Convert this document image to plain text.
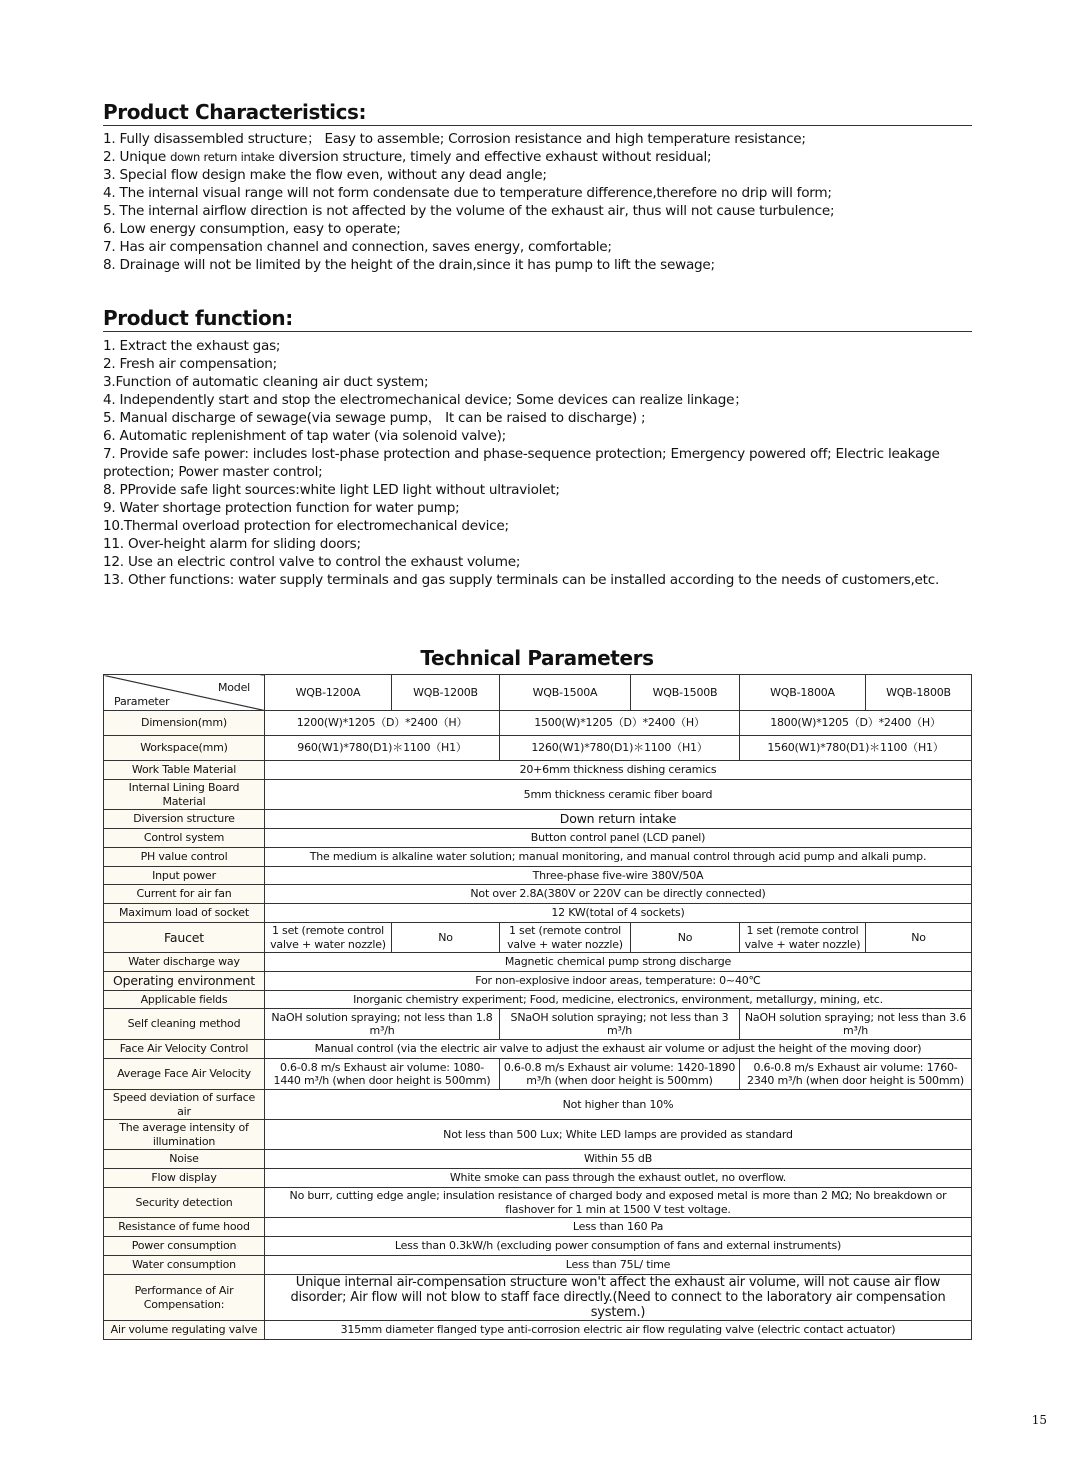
Product Characteristics:
1. Fully disassembled structure； Easy to assemble; Corrosion resistance and high temperature resistance;
2. Unique down return intake diversion structure, timely and effective exhaust without residual;
3. Special flow design make the flow even, without any dead angle;
4. The internal visual range will not form condensate due to temperature difference,therefore no drip will form;
5. The internal airflow direction is not affected by the volume of the exhaust air, thus will not cause turbulence;
6. Low energy consumption, easy to operate;
7. Has air compensation channel and connection, saves energy, comfortable;
8. Drainage will not be limited by the height of the drain,since it has pump to lift the sewage;
Product function:
1. Extract the exhaust gas;
2. Fresh air compensation;
3.Function of automatic cleaning air duct system;
4. Independently start and stop the electromechanical device; Some devices can realize linkage；
5. Manual discharge of sewage(via sewage pump， It can be raised to discharge) ;
6. Automatic replenishment of tap water (via solenoid valve);
7. Provide safe power: includes lost-phase protection and phase-sequence protection; Emergency powered off; Electric leakage protection; Power master control;
8. PProvide safe light sources:white light LED light without ultraviolet;
9. Water shortage protection function for water pump;
10.Thermal overload protection for electromechanical device;
11. Over-height alarm for sliding doors;
12. Use an electric control valve to control the exhaust volume;
13. Other functions: water supply terminals and gas supply terminals can be installed according to the needs of customers,etc.
Technical Parameters
Model
Parameter	WQB-1200A	WQB-1200B	WQB-1500A	WQB-1500B	WQB-1800A	WQB-1800B
Dimension(mm)	1200(W)*1205（D）*2400（H）		1500(W)*1205（D）*2400（H）		1800(W)*1205（D）*2400（H）	
Workspace(mm)	960(W1)*780(D1)＊1100（H1）		1260(W1)*780(D1)＊1100（H1）		1560(W1)*780(D1)＊1100（H1）	
Work Table Material	20+6mm thickness dishing ceramics					
Internal Lining Board Material	5mm thickness ceramic fiber board					
Diversion structure	Down return intake					
Control system	Button control panel (LCD panel)					
PH value control	The medium is alkaline water solution; manual monitoring, and manual control through acid pump and alkali pump.					
Input power	Three-phase five-wire 380V/50A					
Current for air fan	Not over 2.8A(380V or 220V can be directly connected)					
Maximum load of socket	12 KW(total of 4 sockets)					
Faucet	1 set (remote control valve + water nozzle)	No	1 set (remote control valve + water nozzle)	No	1 set (remote control valve + water nozzle)	No
Water discharge way	Magnetic chemical pump strong discharge					
Operating environment	For non-explosive indoor areas, temperature: 0~40℃					
Applicable fields	Inorganic chemistry experiment; Food, medicine, electronics, environment, metallurgy, mining, etc.					
Self cleaning method	NaOH solution spraying; not less than 1.8 m³/h		SNaOH solution spraying; not less than 3 m³/h		NaOH solution spraying; not less than 3.6 m³/h	
Face Air Velocity Control	Manual control (via the electric air valve to adjust the exhaust air volume or adjust the height of the moving door)					
Average Face Air Velocity	0.6-0.8 m/s Exhaust air volume: 1080-1440 m³/h (when door height is 500mm)		0.6-0.8 m/s Exhaust air volume: 1420-1890 m³/h (when door height is 500mm)		0.6-0.8 m/s Exhaust air volume: 1760-2340 m³/h (when door height is 500mm)	
Speed deviation of surface air	Not higher than 10%					
The average intensity of illumination	Not less than 500 Lux; White LED lamps are provided as standard					
Noise	Within 55 dB					
Flow display	White smoke can pass through the exhaust outlet, no overflow.					
Security detection	No burr, cutting edge angle; insulation resistance of charged body and exposed metal is more than 2 MΩ; No breakdown or flashover for 1 min at 1500 V test voltage.					
Resistance of fume hood	Less than 160 Pa					
Power consumption	Less than 0.3kW/h (excluding power consumption of fans and external instruments)					
Water consumption	Less than 75L/ time					
Performance of Air Compensation:	Unique internal air-compensation structure won't affect the exhaust air volume, will not cause air flow disorder; Air flow will not blow to staff face directly.(Need to connect to the laboratory air compensation system.)					
Air volume regulating valve	315mm diameter flanged type anti-corrosion electric air flow regulating valve (electric contact actuator)					
15
